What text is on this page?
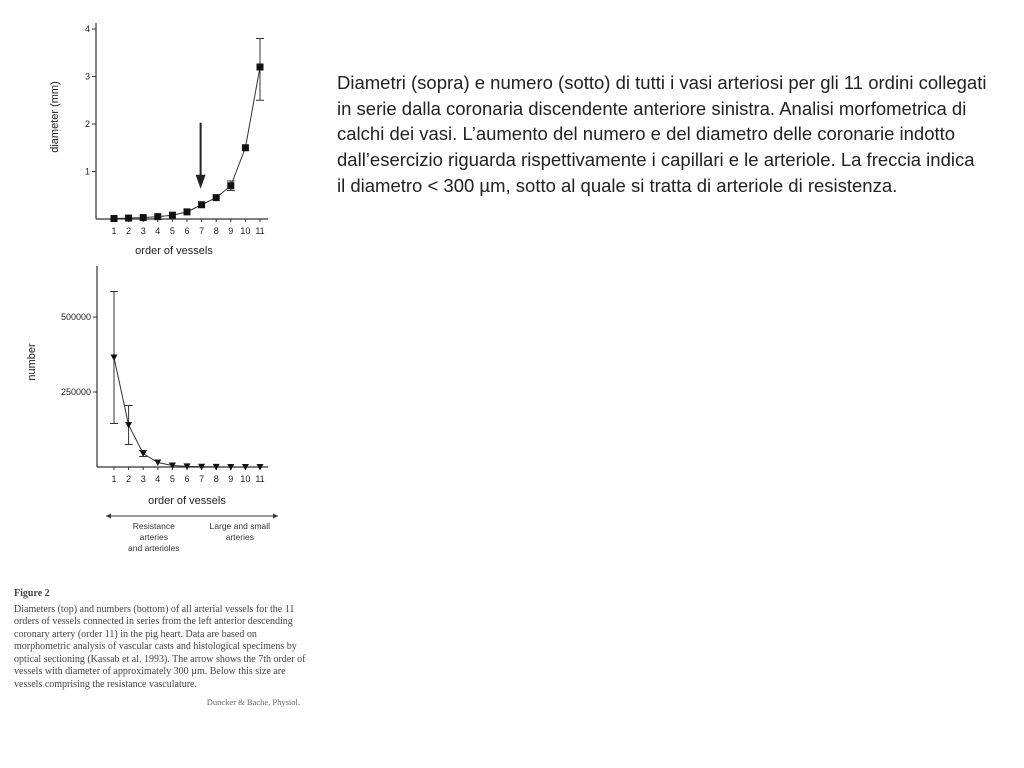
diameter (mm)
order of vessels
1
2
3
4
1 2 3 4 5 6 7 8 9 10 11
number
order of vessels
250000
500000
1 2 3 4 5 6 7 8 9 10 11
Resistance
arteries
and arterioles
Large and small
arteries
Diametri (sopra) e numero (sotto) di tutti i vasi arteriosi per gli 11 ordini collegati in serie dalla coronaria discendente anteriore sinistra. Analisi morfometrica di calchi dei vasi. L’aumento del numero e del diametro delle coronarie indotto dall’esercizio riguarda rispettivamente i capillari e le arteriole. La freccia indica il diametro < 300 µm, sotto al quale si tratta di arteriole di resistenza.
Figure 2
Diameters (top) and numbers (bottom) of all arterial vessels for the 11 orders of vessels connected in series from the left anterior descending coronary artery (order 11) in the pig heart. Data are based on morphometric analysis of vascular casts and histological specimens by optical sectioning (Kassab et al. 1993). The arrow shows the 7th order of vessels with diameter of approximately 300 µm. Below this size are vessels comprising the resistance vasculature.
Duncker & Bache, Physiol.
